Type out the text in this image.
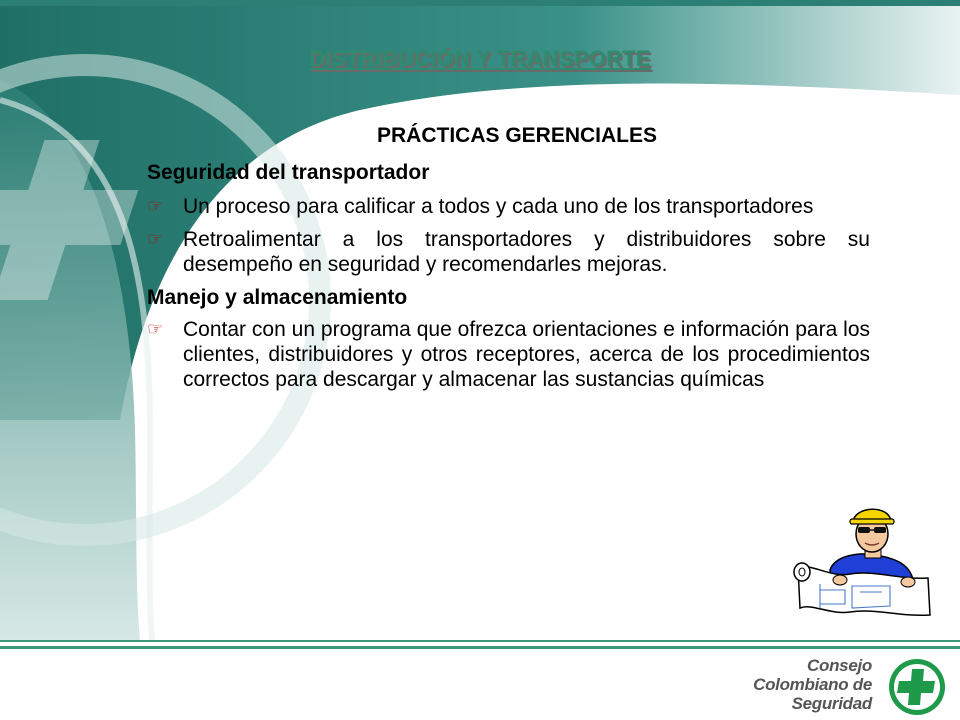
DISTRIBUCIÓN Y TRANSPORTE
PRÁCTICAS GERENCIALES
Seguridad del transportador
☞ Un proceso para calificar a todos y cada uno de los transportadores
☞ Retroalimentar a los transportadores y distribuidores sobre su desempeño en seguridad y recomendarles mejoras.
Manejo y almacenamiento
☞ Contar con un programa que ofrezca orientaciones e información para los clientes, distribuidores y otros receptores, acerca de los procedimientos correctos para descargar y almacenar las sustancias químicas
Consejo
Colombiano de
Seguridad
